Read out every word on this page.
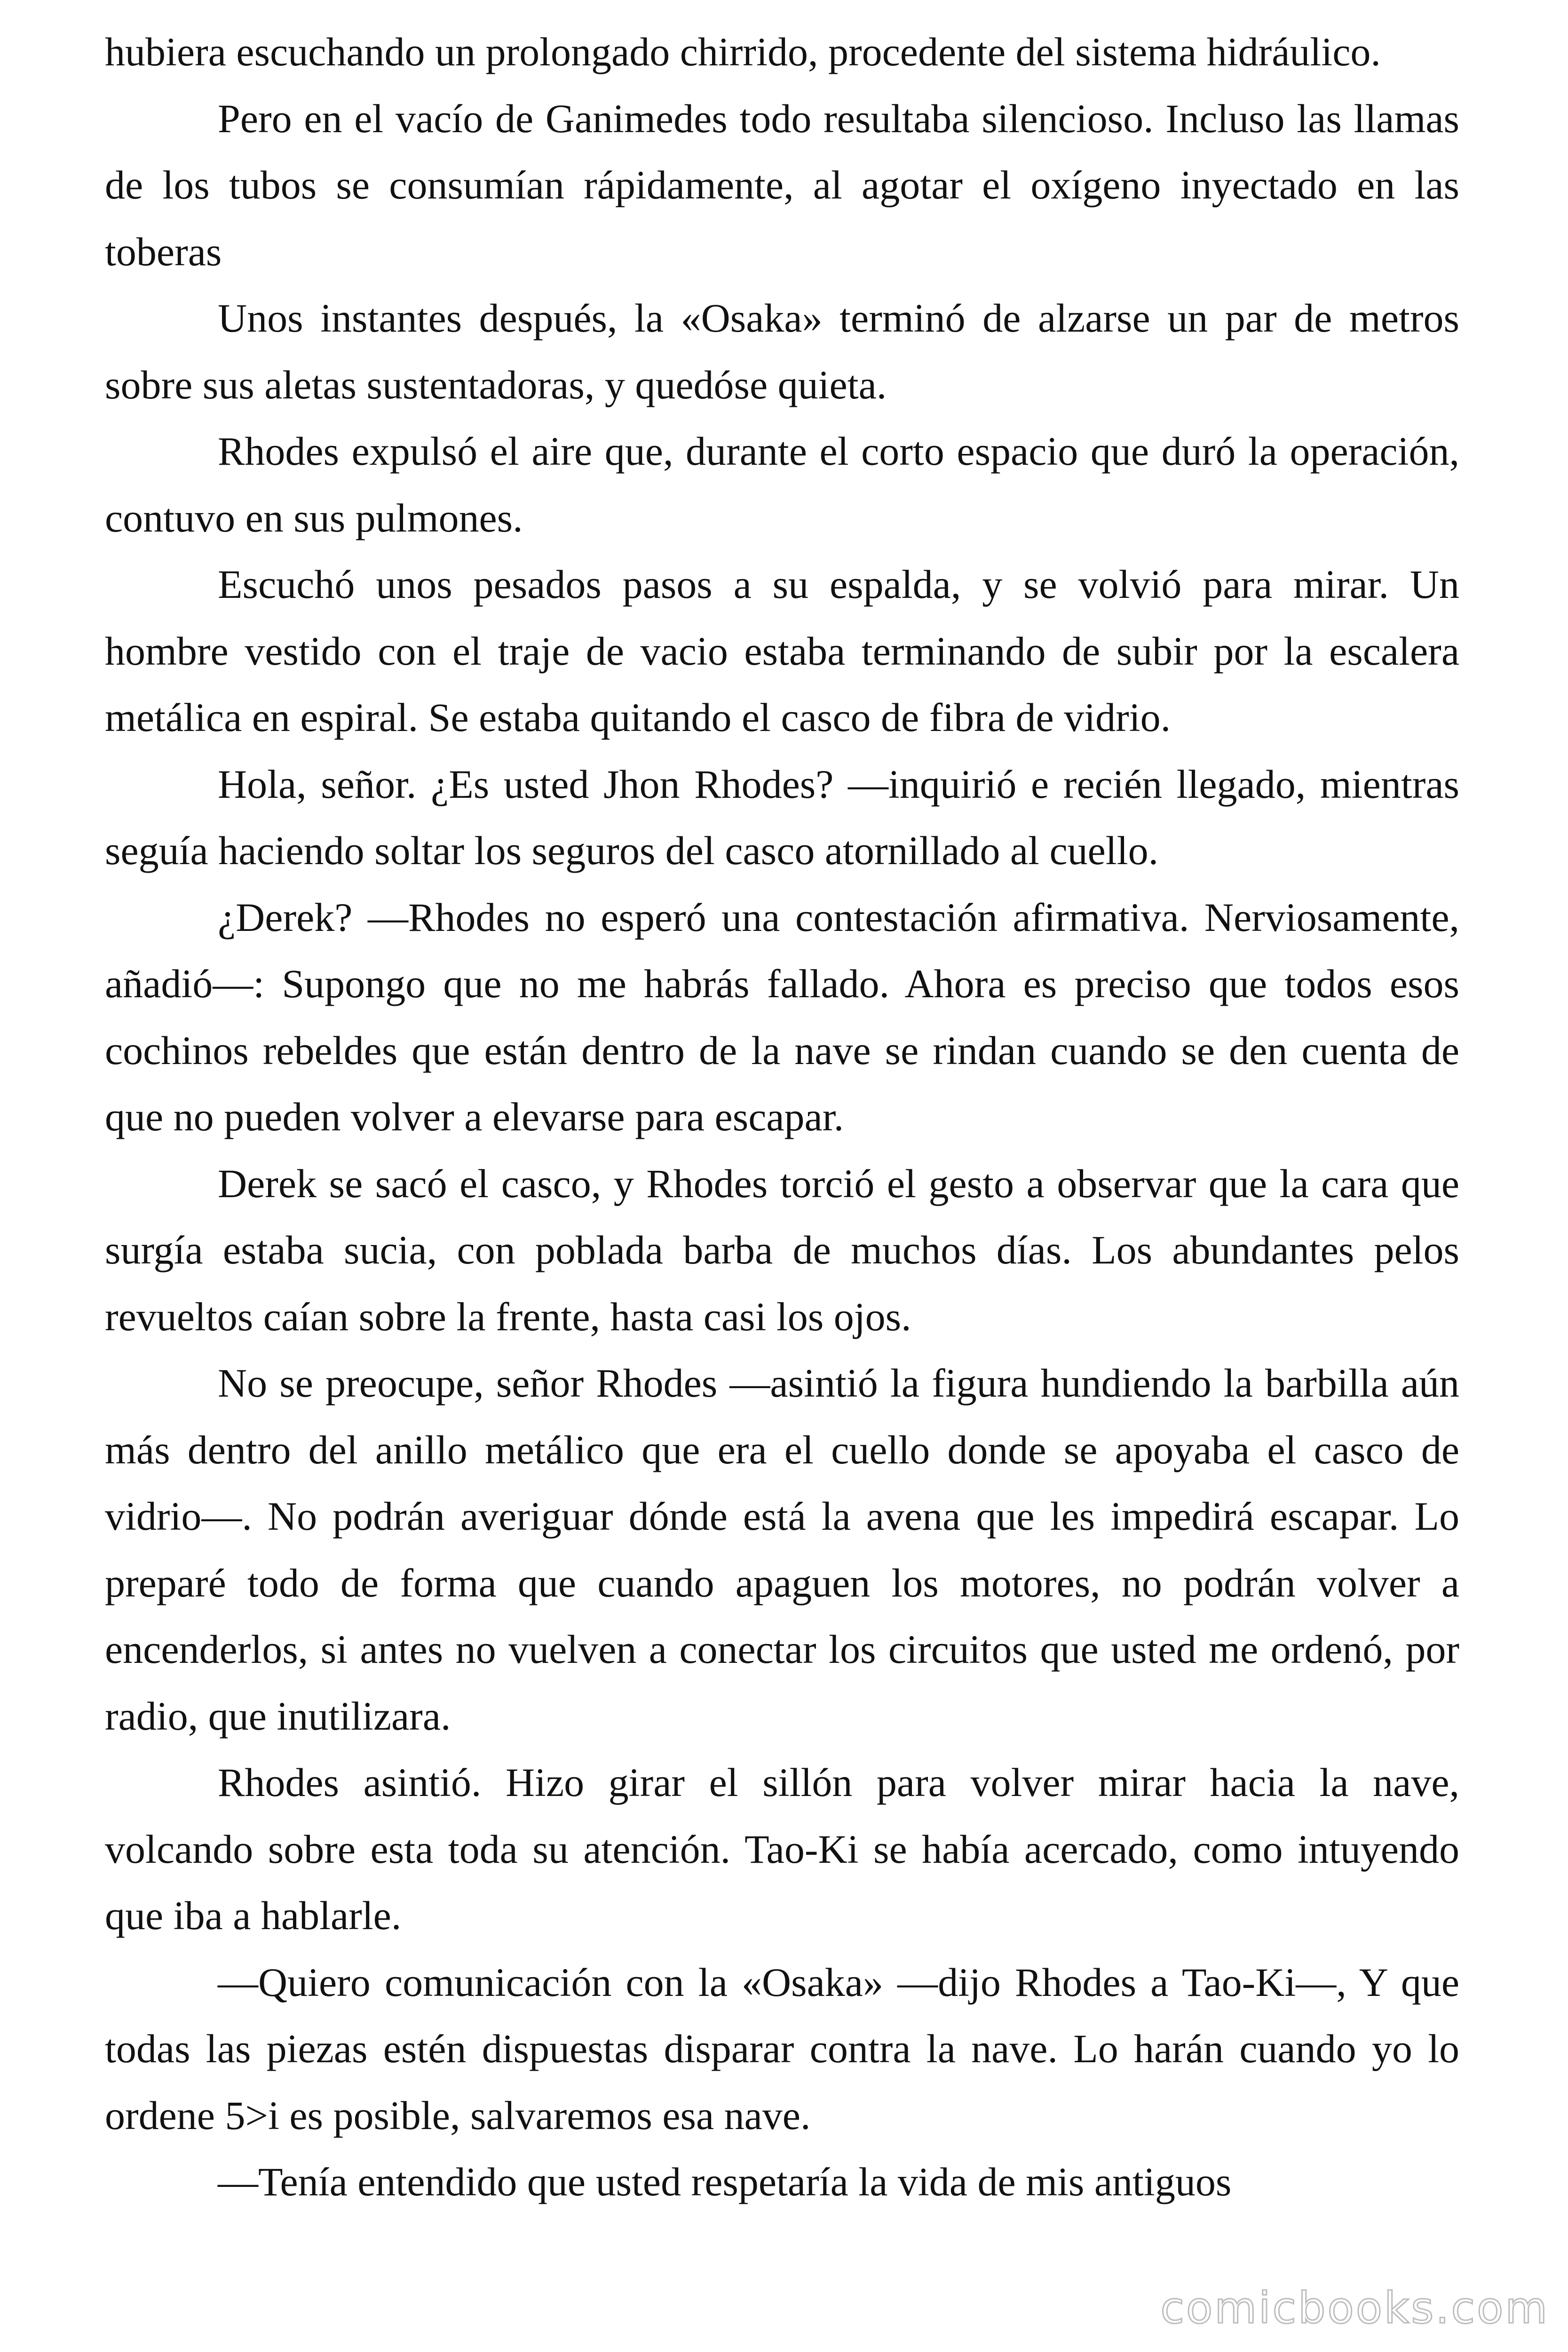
hubiera escuchando un prolongado chirrido, procedente del sistema hidráulico.

Pero en el vacío de Ganimedes todo resultaba silencioso. Incluso las llamas de los tubos se consumían rápidamente, al agotar el oxígeno inyectado en las toberas

Unos instantes después, la «Osaka» terminó de alzarse un par de metros sobre sus aletas sustentadoras, y quedóse quieta.

Rhodes expulsó el aire que, durante el corto espacio que duró la operación, contuvo en sus pulmones.

Escuchó unos pesados pasos a su espalda, y se volvió para mirar. Un hombre vestido con el traje de vacio estaba terminando de subir por la escalera metálica en espiral. Se estaba quitando el casco de fibra de vidrio.

Hola, señor. ¿Es usted Jhon Rhodes? —inquirió e recién llegado, mientras seguía haciendo soltar los seguros del casco atornillado al cuello.

¿Derek? —Rhodes no esperó una contestación afirmativa. Nerviosamente, añadió—: Supongo que no me habrás fallado. Ahora es preciso que todos esos cochinos rebeldes que están dentro de la nave se rindan cuando se den cuenta de que no pueden volver a elevarse para escapar.

Derek se sacó el casco, y Rhodes torció el gesto a observar que la cara que surgía estaba sucia, con poblada barba de muchos días. Los abundantes pelos revueltos caían sobre la frente, hasta casi los ojos.

No se preocupe, señor Rhodes —asintió la figura hundiendo la barbilla aún más dentro del anillo metálico que era el cuello donde se apoyaba el casco de vidrio—. No podrán averiguar dónde está la avena que les impedirá escapar. Lo preparé todo de forma que cuando apaguen los motores, no podrán volver a encenderlos, si antes no vuelven a conectar los circuitos que usted me ordenó, por radio, que inutilizara.

Rhodes asintió. Hizo girar el sillón para volver mirar hacia la nave, volcando sobre esta toda su atención. Tao-Ki se había acercado, como intuyendo que iba a hablarle.

—Quiero comunicación con la «Osaka» —dijo Rhodes a Tao-Ki—, Y que todas las piezas estén dispuestas disparar contra la nave. Lo harán cuando yo lo ordene 5>i es posible, salvaremos esa nave.

—Tenía entendido que usted respetaría la vida de mis antiguos

comicbooks.com
